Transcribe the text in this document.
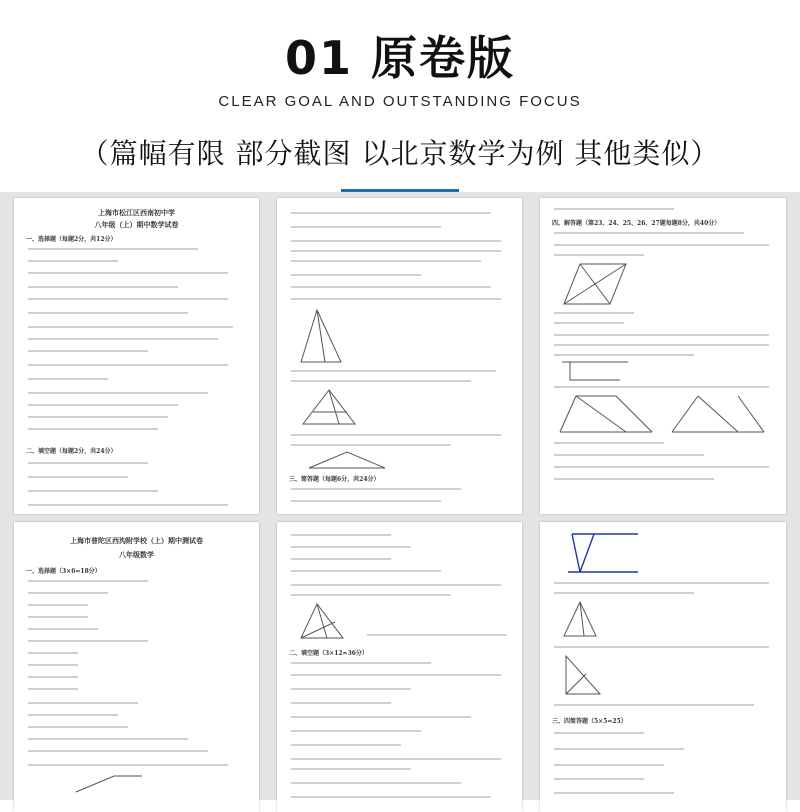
01 原卷版
CLEAR GOAL AND OUTSTANDING FOCUS
（篇幅有限 部分截图 以北京数学为例 其他类似）
上海市松江区西南初中学
八年级（上）期中数学试卷
一、选择题（每题2分，共12分）
二、填空题（每题2分，共24分）
三、简答题（每题6分，共24分）
四、解答题（第23、24、25、26、27题每题8分，共40分）
上海市普陀区西沟附学校（上）期中测试卷
八年级数学
一、选择题（3×6=18分）
二、填空题（3×12=36分）
三、四简答题（5×5=25）
